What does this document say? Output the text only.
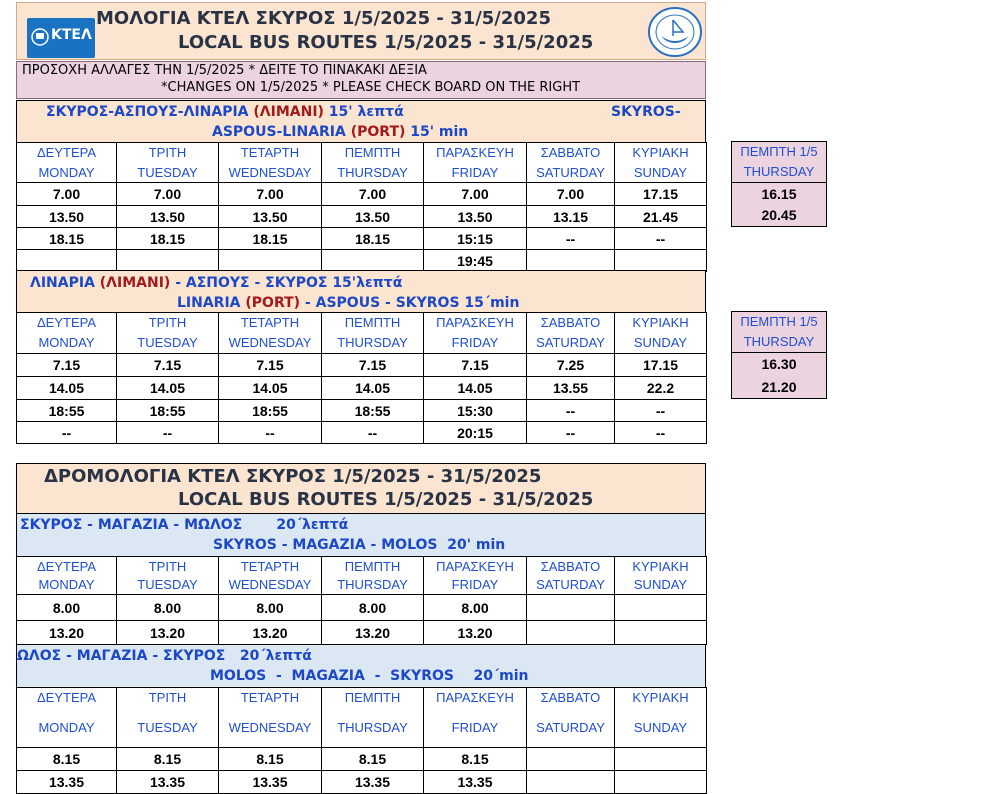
ΚΤΕΛ
ΜΟΛΟΓΙΑ ΚΤΕΛ ΣΚΥΡΟΣ 1/5/2025 - 31/5/2025
LOCAL BUS ROUTES 1/5/2025 - 31/5/2025
ΠΡΟΣΟΧΗ ΑΛΛΑΓΕΣ ΤΗΝ 1/5/2025 * ΔΕΙΤΕ ΤΟ ΠΙΝΑΚΑΚΙ ΔΕΞΙΑ
*CHANGES ON 1/5/2025 * PLEASE CHECK BOARD ON THE RIGHT
ΣΚΥΡΟΣ-ΑΣΠΟΥΣ-ΛΙΝΑΡΙΑ (ΛΙΜΑΝΙ) 15' λεπτά	SKYROS-
ASPOUS-LINARIA (PORT) 15' min
ΔΕΥΤΕΡΑ	ΤΡΙΤΗ	ΤΕΤΑΡΤΗ	ΠΕΜΠΤΗ	ΠΑΡΑΣΚΕΥΗ	ΣΑΒΒΑΤΟ	ΚΥΡΙΑΚΗ
MONDAY	TUESDAY	WEDNESDAY	THURSDAY	FRIDAY	SATURDAY	SUNDAY
7.00	7.00	7.00	7.00	7.00	7.00	17.15
13.50	13.50	13.50	13.50	13.50	13.15	21.45
18.15	18.15	18.15	18.15	15:15	--	--
				19:45		
ΠΕΜΠΤΗ 1/5
THURSDAY
16.15
20.45
ΛΙΝΑΡΙΑ (ΛΙΜΑΝΙ) - ΑΣΠΟΥΣ - ΣΚΥΡΟΣ 15'λεπτά
LINARIA (PORT) - ASPOUS - SKYROS 15΄min
ΔΕΥΤΕΡΑ	ΤΡΙΤΗ	ΤΕΤΑΡΤΗ	ΠΕΜΠΤΗ	ΠΑΡΑΣΚΕΥΗ	ΣΑΒΒΑΤΟ	ΚΥΡΙΑΚΗ
MONDAY	TUESDAY	WEDNESDAY	THURSDAY	FRIDAY	SATURDAY	SUNDAY
7.15	7.15	7.15	7.15	7.15	7.25	17.15
14.05	14.05	14.05	14.05	14.05	13.55	22.2
18:55	18:55	18:55	18:55	15:30	--	--
--	--	--	--	20:15	--	--
ΠΕΜΠΤΗ 1/5
THURSDAY
16.30
21.20
ΔΡΟΜΟΛΟΓΙΑ ΚΤΕΛ ΣΚΥΡΟΣ 1/5/2025 - 31/5/2025
LOCAL BUS ROUTES 1/5/2025 - 31/5/2025
ΣΚΥΡΟΣ - ΜΑΓΑΖΙΑ - ΜΩΛΟΣ       20΄λεπτά
SKYROS - MAGAZIA - MOLOS  20' min
ΔΕΥΤΕΡΑ	ΤΡΙΤΗ	ΤΕΤΑΡΤΗ	ΠΕΜΠΤΗ	ΠΑΡΑΣΚΕΥΗ	ΣΑΒΒΑΤΟ	ΚΥΡΙΑΚΗ
MONDAY	TUESDAY	WEDNESDAY	THURSDAY	FRIDAY	SATURDAY	SUNDAY
8.00	8.00	8.00	8.00	8.00		
13.20	13.20	13.20	13.20	13.20		
ΩΛΟΣ - ΜΑΓΑΖΙΑ - ΣΚΥΡΟΣ   20΄λεπτά
MOLOS  -  MAGAZIA  -  SKYROS    20΄min
ΔΕΥΤΕΡΑ	ΤΡΙΤΗ	ΤΕΤΑΡΤΗ	ΠΕΜΠΤΗ	ΠΑΡΑΣΚΕΥΗ	ΣΑΒΒΑΤΟ	ΚΥΡΙΑΚΗ
MONDAY	TUESDAY	WEDNESDAY	THURSDAY	FRIDAY	SATURDAY	SUNDAY
8.15	8.15	8.15	8.15	8.15		
13.35	13.35	13.35	13.35	13.35		
